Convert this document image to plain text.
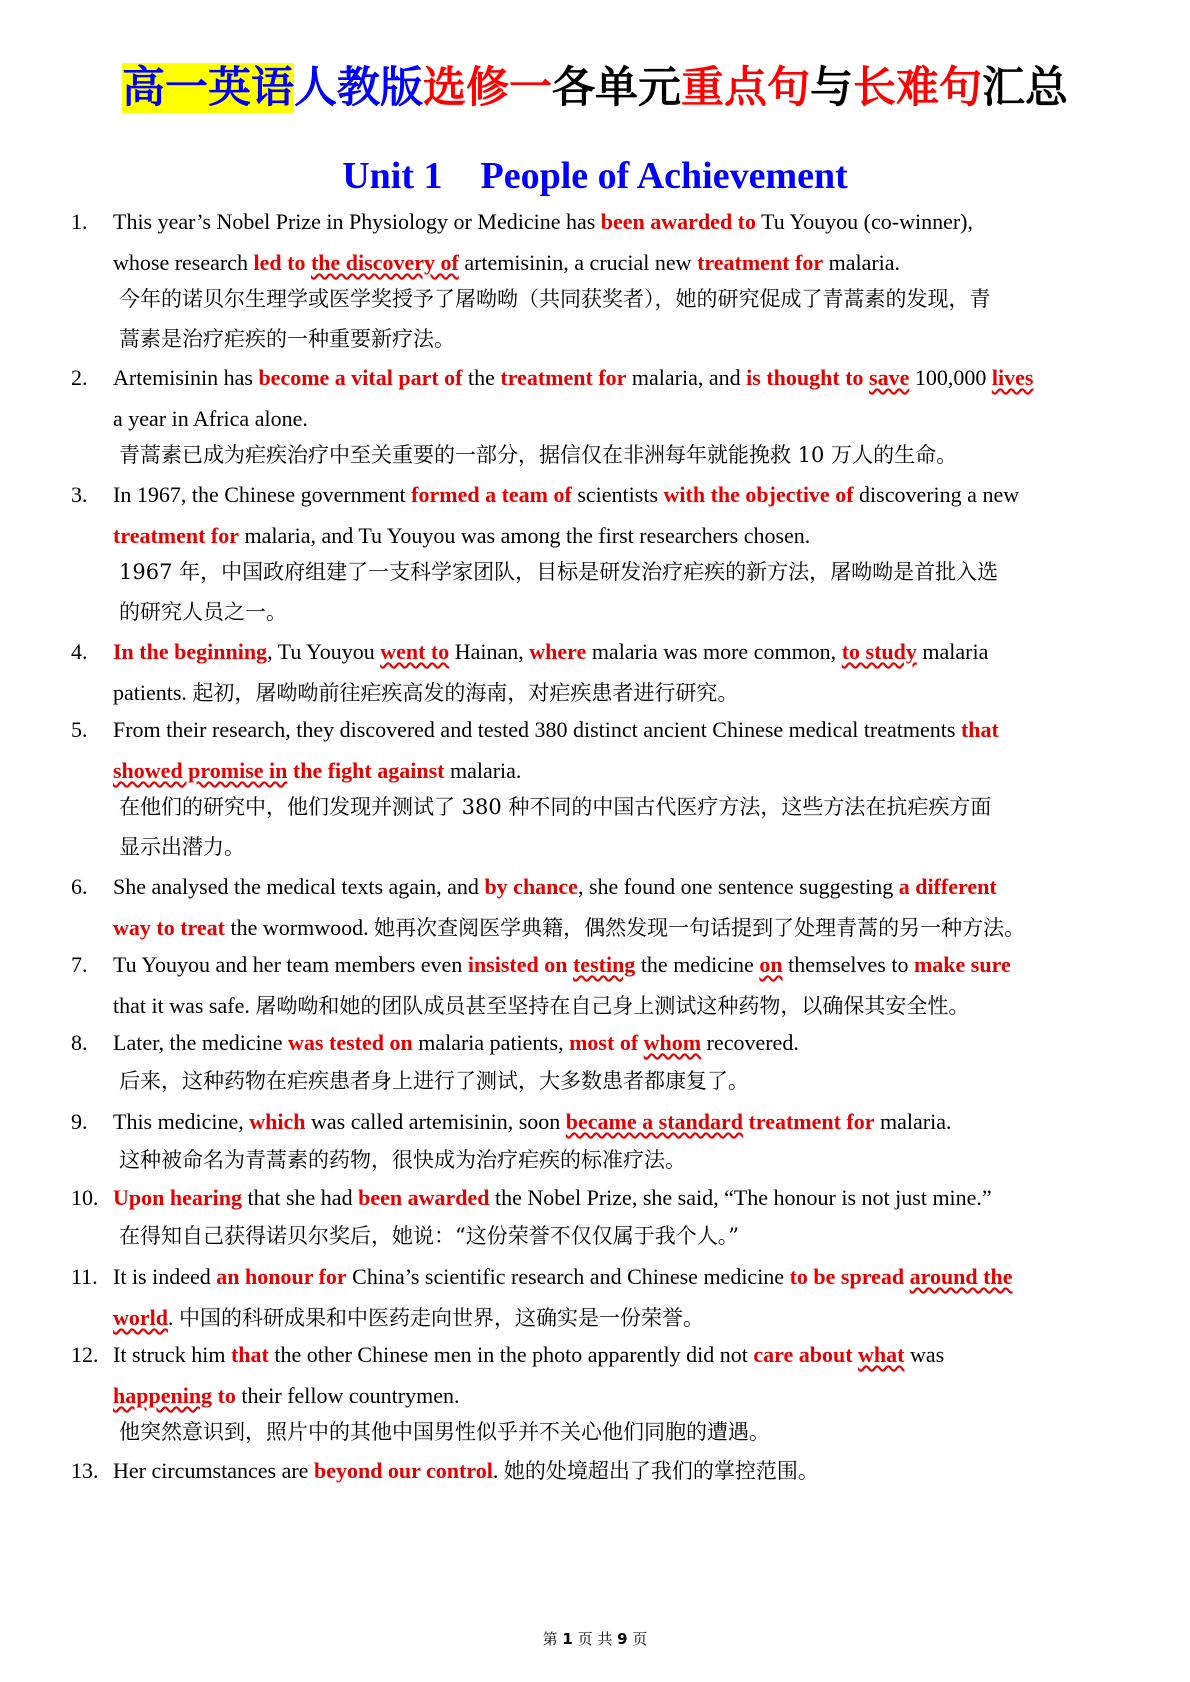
高一英语人教版选修一各单元重点句与长难句汇总
Unit 1    People of Achievement
1. This year’s Nobel Prize in Physiology or Medicine has been awarded to Tu Youyou (co-winner),
whose research led to the discovery of artemisinin, a crucial new treatment for malaria.
今年的诺贝尔生理学或医学奖授予了屠呦呦（共同获奖者），她的研究促成了青蒿素的发现，青
蒿素是治疗疟疾的一种重要新疗法。
2. Artemisinin has become a vital part of the treatment for malaria, and is thought to save 100,000 lives
a year in Africa alone.
青蒿素已成为疟疾治疗中至关重要的一部分，据信仅在非洲每年就能挽救 10 万人的生命。
3. In 1967, the Chinese government formed a team of scientists with the objective of discovering a new
treatment for malaria, and Tu Youyou was among the first researchers chosen.
1967 年，中国政府组建了一支科学家团队，目标是研发治疗疟疾的新方法，屠呦呦是首批入选
的研究人员之一。
4. In the beginning, Tu Youyou went to Hainan, where malaria was more common, to study malaria
patients. 起初，屠呦呦前往疟疾高发的海南，对疟疾患者进行研究。
5. From their research, they discovered and tested 380 distinct ancient Chinese medical treatments that
showed promise in the fight against malaria.
在他们的研究中，他们发现并测试了 380 种不同的中国古代医疗方法，这些方法在抗疟疾方面
显示出潜力。
6. She analysed the medical texts again, and by chance, she found one sentence suggesting a different
way to treat the wormwood. 她再次查阅医学典籍，偶然发现一句话提到了处理青蒿的另一种方法。
7. Tu Youyou and her team members even insisted on testing the medicine on themselves to make sure
that it was safe. 屠呦呦和她的团队成员甚至坚持在自己身上测试这种药物，以确保其安全性。
8. Later, the medicine was tested on malaria patients, most of whom recovered.
后来，这种药物在疟疾患者身上进行了测试，大多数患者都康复了。
9. This medicine, which was called artemisinin, soon became a standard treatment for malaria.
这种被命名为青蒿素的药物，很快成为治疗疟疾的标准疗法。
10. Upon hearing that she had been awarded the Nobel Prize, she said, “The honour is not just mine.”
在得知自己获得诺贝尔奖后，她说：“这份荣誉不仅仅属于我个人。”
11. It is indeed an honour for China’s scientific research and Chinese medicine to be spread around the
world. 中国的科研成果和中医药走向世界，这确实是一份荣誉。
12. It struck him that the other Chinese men in the photo apparently did not care about what was
happening to their fellow countrymen.
他突然意识到，照片中的其他中国男性似乎并不关心他们同胞的遭遇。
13. Her circumstances are beyond our control. 她的处境超出了我们的掌控范围。
第 1 页 共 9 页
